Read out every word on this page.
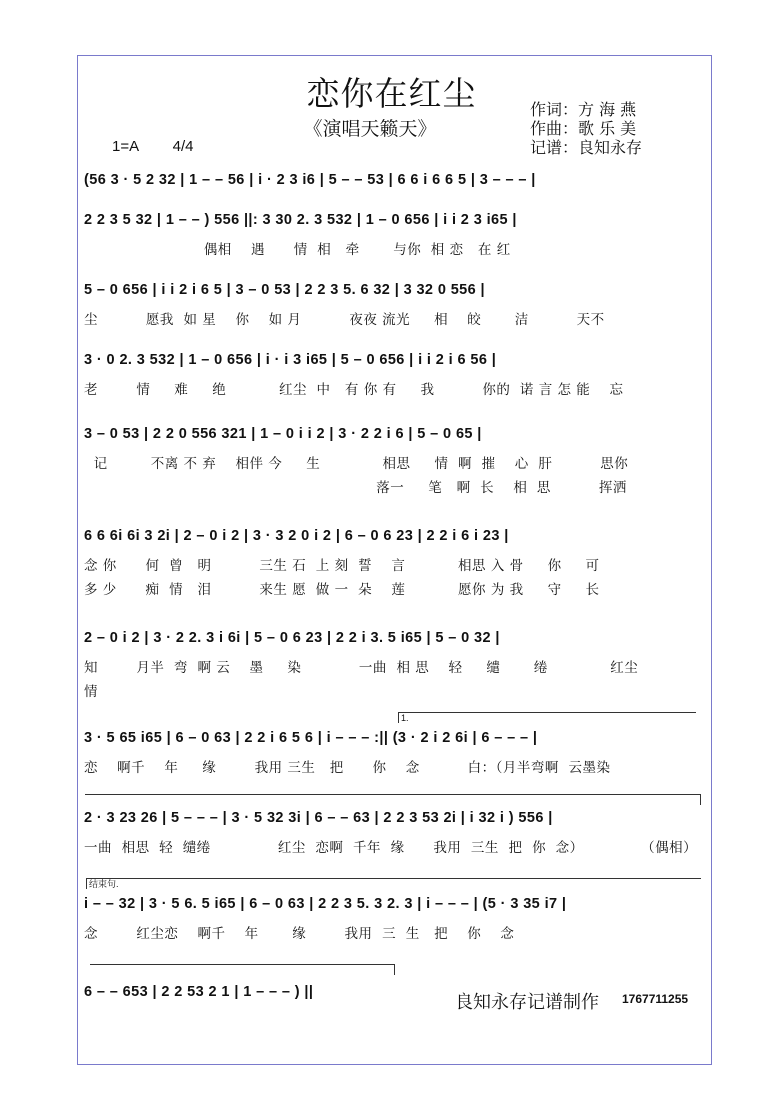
恋你在红尘
《演唱天籁天》
作词：方 海 燕
作曲：歌 乐 美
记谱：良知永存
1=A 4/4
(56 3 · 5 2 32 | 1 – – 56 | i · 2 3 i6 | 5 – – 53 | 6 6 i 6 6 5 | 3 – – – |
2 2 3 5 32 | 1 – – ) 556 ||: 3 30 2. 3 532 | 1 – 0 656 | i i 2 3 i65 |
偶相    遇      情  相   牵       与你  相 恋   在 红
5 – 0 656 | i i 2 i 6 5 | 3 – 0 53 | 2 2 3 5. 6 32 | 3 32 0 556 |
尘          愿我  如 星    你    如 月          夜夜 流光     相    皎       洁          天不
3 · 0 2. 3 532 | 1 – 0 656 | i · i 3 i65 | 5 – 0 656 | i i 2 i 6 56 |
老        情     难     绝           红尘  中   有 你 有     我          你的  诺 言 怎 能    忘
3 – 0 53 | 2 2 0 556 321 | 1 – 0 i i 2 | 3 · 2 2 i 6 | 5 – 0 65 |
记         不离 不 弃    相伴 今     生             相思     情  啊  摧    心  肝          思你
落一     笔   啊  长    相  思          挥洒
6 6 6i 6i 3 2i | 2 – 0 i 2 | 3 · 3 2 0 i 2 | 6 – 0 6 23 | 2 2 i 6 i 23 |
念 你      何  曾   明          三生 石  上 刻  誓    言           相思 入 骨     你     可
多 少      痴  情   泪          来生 愿  做 一  朵    莲           愿你 为 我     守     长
2 – 0 i 2 | 3 · 2 2. 3 i 6i | 5 – 0 6 23 | 2 2 i 3. 5 i65 | 5 – 0 32 |
知        月半  弯  啊 云    墨     染            一曲  相 思    轻     缱       绻             红尘
情
1.
3 · 5 65 i65 | 6 – 0 63 | 2 2 i 6 5 6 | i – – – :|| (3 · 2 i 2 6i | 6 – – – |
恋    啊千    年     缘        我用 三生   把      你    念          白：（月半弯啊  云墨染
2 · 3 23 26 | 5 – – – | 3 · 5 32 3i | 6 – – 63 | 2 2 3 53 2i | i 32 i ) 556 |
一曲  相思  轻  缱绻              红尘  恋啊  千年  缘      我用  三生  把  你  念）            （偶相）
结束句.
i – – 32 | 3 · 5 6. 5 i65 | 6 – 0 63 | 2 2 3 5. 3 2. 3 | i – – – | (5 · 3 35 i7 |
念        红尘恋    啊千    年       缘        我用  三  生   把    你    念
6 – – 653 | 2 2 53 2 1 | 1 – – – ) ||	良知永存记谱制作 1767711255
